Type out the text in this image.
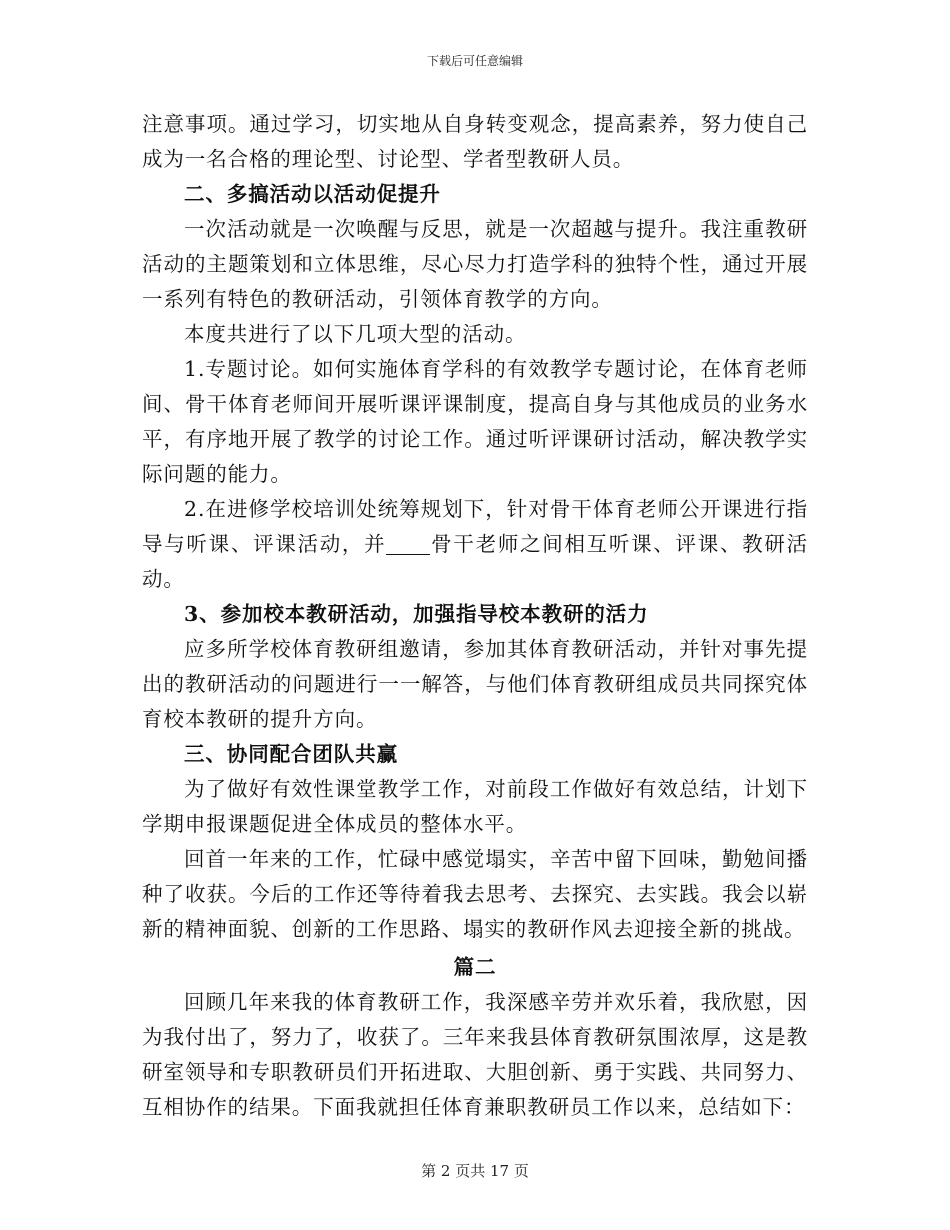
下载后可任意编辑

注意事项。通过学习，切实地从自身转变观念，提高素养，努力使自己成为一名合格的理论型、讨论型、学者型教研人员。

二、多搞活动以活动促提升

一次活动就是一次唤醒与反思，就是一次超越与提升。我注重教研活动的主题策划和立体思维，尽心尽力打造学科的独特个性，通过开展一系列有特色的教研活动，引领体育教学的方向。

本度共进行了以下几项大型的活动。

1.专题讨论。如何实施体育学科的有效教学专题讨论，在体育老师间、骨干体育老师间开展听课评课制度，提高自身与其他成员的业务水平，有序地开展了教学的讨论工作。通过听评课研讨活动，解决教学实际问题的能力。

2.在进修学校培训处统筹规划下，针对骨干体育老师公开课进行指导与听课、评课活动，并 骨干老师之间相互听课、评课、教研活动。

3、参加校本教研活动，加强指导校本教研的活力

应多所学校体育教研组邀请，参加其体育教研活动，并针对事先提出的教研活动的问题进行一一解答，与他们体育教研组成员共同探究体育校本教研的提升方向。

三、协同配合团队共赢

为了做好有效性课堂教学工作，对前段工作做好有效总结，计划下学期申报课题促进全体成员的整体水平。

回首一年来的工作，忙碌中感觉塌实，辛苦中留下回味，勤勉间播种了收获。今后的工作还等待着我去思考、去探究、去实践。我会以崭新的精神面貌、创新的工作思路、塌实的教研作风去迎接全新的挑战。

篇二

回顾几年来我的体育教研工作，我深感辛劳并欢乐着，我欣慰，因为我付出了，努力了，收获了。三年来我县体育教研氛围浓厚，这是教研室领导和专职教研员们开拓进取、大胆创新、勇于实践、共同努力、互相协作的结果。下面我就担任体育兼职教研员工作以来，总结如下：

第 2 页共 17 页
